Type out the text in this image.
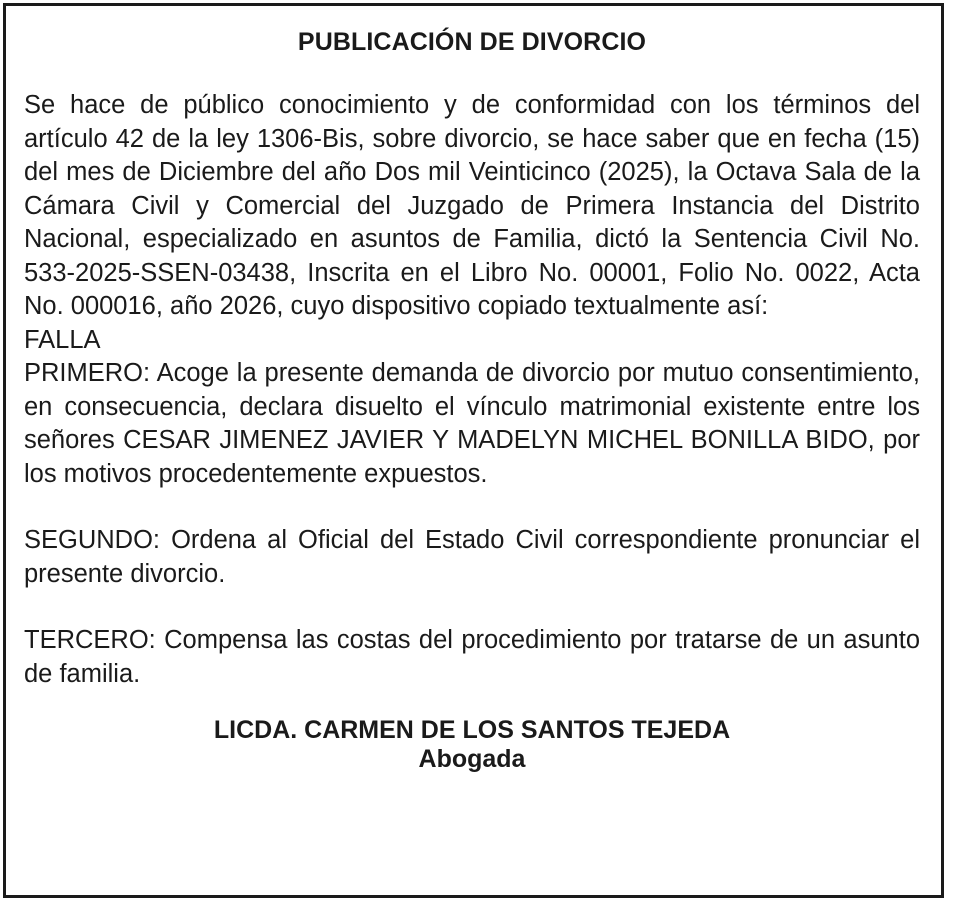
PUBLICACIÓN DE DIVORCIO

Se hace de público conocimiento y de conformidad con los términos del artículo 42 de la ley 1306-Bis, sobre divorcio, se hace saber que en fecha (15) del mes de Diciembre del año Dos mil Veinticinco (2025), la Octava Sala de la Cámara Civil y Comercial del Juzgado de Primera Instancia del Distrito Nacional, especializado en asuntos de Familia, dictó la Sentencia Civil No. 533-2025-SSEN-03438, Inscrita en el Libro No. 00001, Folio No. 0022, Acta No. 000016, año 2026, cuyo dispositivo copiado textualmente así:

FALLA

PRIMERO: Acoge la presente demanda de divorcio por mutuo consentimiento, en consecuencia, declara disuelto el vínculo matrimonial existente entre los señores CESAR JIMENEZ JAVIER Y MADELYN MICHEL BONILLA BIDO, por los motivos procedentemente expuestos.

SEGUNDO: Ordena al Oficial del Estado Civil correspondiente pronunciar el presente divorcio.

TERCERO: Compensa las costas del procedimiento por tratarse de un asunto de familia.

LICDA. CARMEN DE LOS SANTOS TEJEDA

Abogada
